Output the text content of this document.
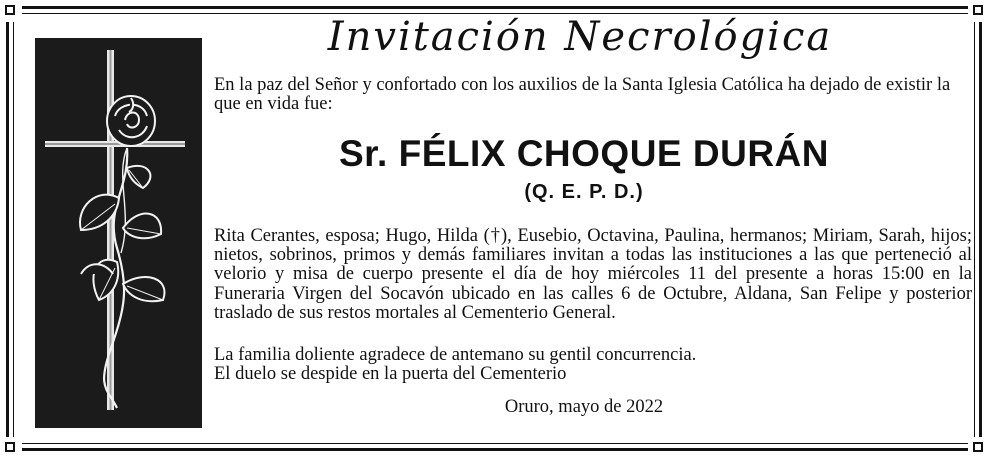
Invitación Necrológica
En la paz del Señor y confortado con los auxilios de la Santa Iglesia Católica ha dejado de existir la que en vida fue:
Sr. FÉLIX CHOQUE DURÁN
(Q. E. P. D.)

Rita Cerantes, esposa; Hugo, Hilda (†), Eusebio, Octavina, Paulina, hermanos; Miriam, Sarah, hijos; nietos, sobrinos, primos y demás familiares invitan a todas las instituciones a las que perteneció al velorio y misa de cuerpo presente el día de hoy miércoles 11 del presente a horas 15:00 en la Funeraria Virgen del Socavón ubicado en las calles 6 de Octubre, Aldana, San Felipe y posterior traslado de sus restos mortales al Cementerio General.

La familia doliente agradece de antemano su gentil concurrencia.

El duelo se despide en la puerta del Cementerio

Oruro, mayo de 2022
